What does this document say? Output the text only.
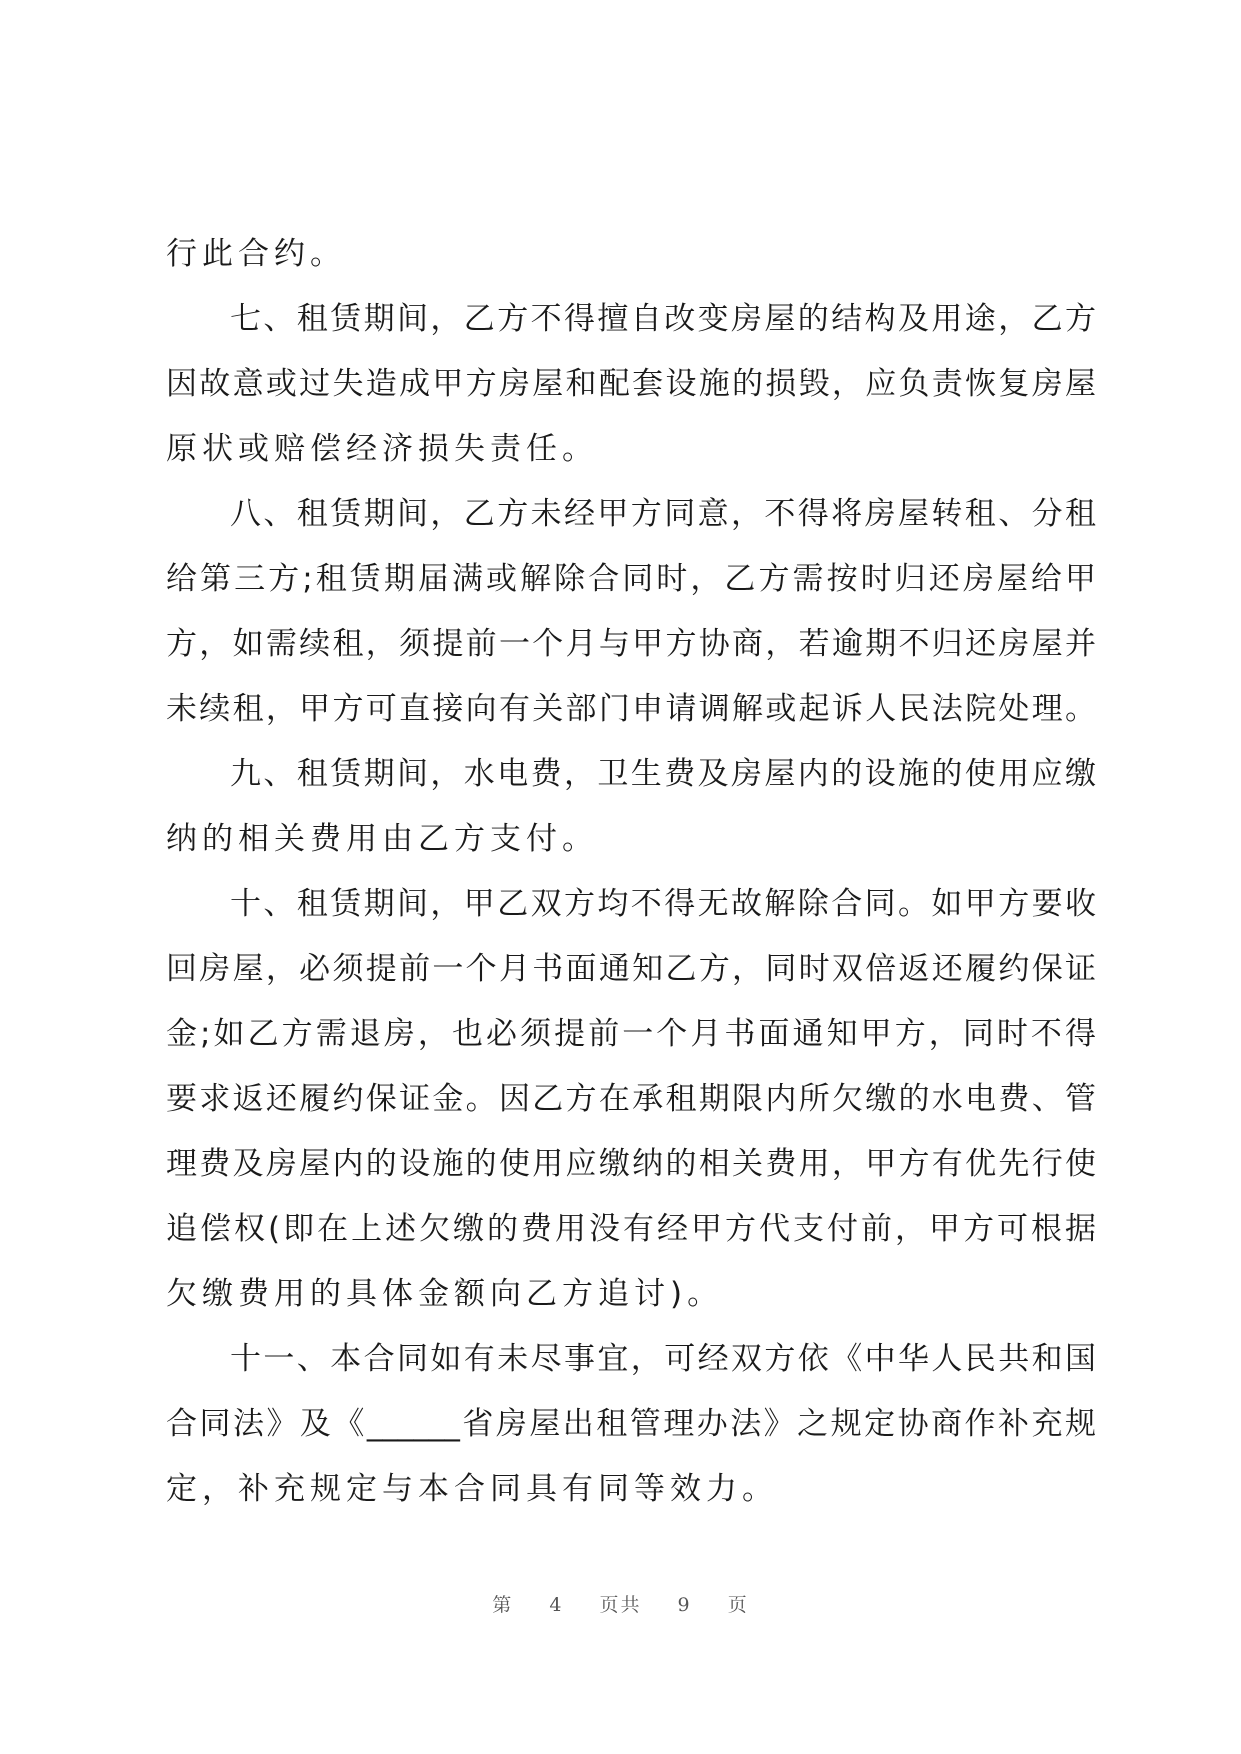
行此合约。
七、租赁期间，乙方不得擅自改变房屋的结构及用途，乙方
因故意或过失造成甲方房屋和配套设施的损毁，应负责恢复房屋
原状或赔偿经济损失责任。
八、租赁期间，乙方未经甲方同意，不得将房屋转租、分租
给第三方;租赁期届满或解除合同时，乙方需按时归还房屋给甲
方，如需续租，须提前一个月与甲方协商，若逾期不归还房屋并
未续租，甲方可直接向有关部门申请调解或起诉人民法院处理。
九、租赁期间，水电费，卫生费及房屋内的设施的使用应缴
纳的相关费用由乙方支付。
十、租赁期间，甲乙双方均不得无故解除合同。如甲方要收
回房屋，必须提前一个月书面通知乙方，同时双倍返还履约保证
金;如乙方需退房，也必须提前一个月书面通知甲方，同时不得
要求返还履约保证金。因乙方在承租期限内所欠缴的水电费、管
理费及房屋内的设施的使用应缴纳的相关费用，甲方有优先行使
追偿权(即在上述欠缴的费用没有经甲方代支付前，甲方可根据
欠缴费用的具体金额向乙方追讨)。
十一、本合同如有未尽事宜，可经双方依《中华人民共和国
合同法》及《______省房屋出租管理办法》之规定协商作补充规
定，补充规定与本合同具有同等效力。
第 4 页共 9 页
